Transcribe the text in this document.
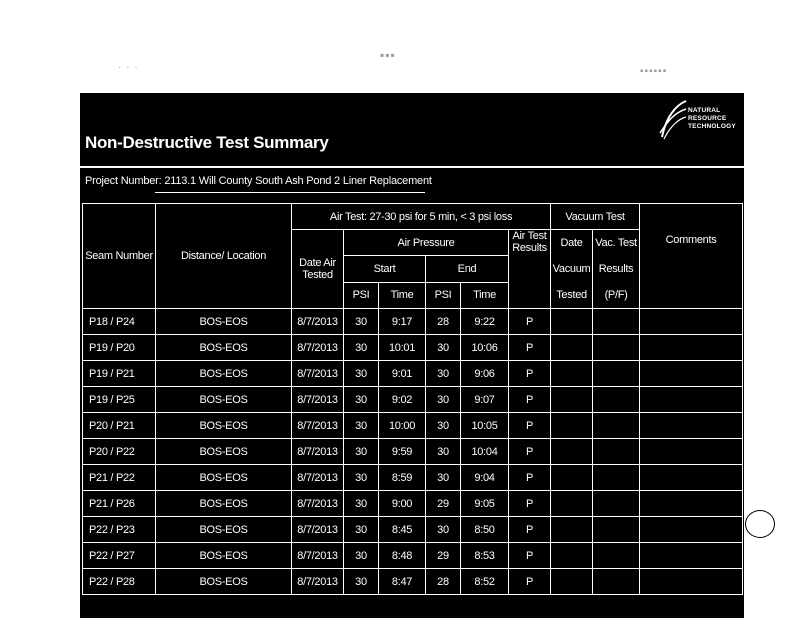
· · ·
▪▪▪
▪▪▪▪▪▪
NATURAL
RESOURCE
TECHNOLOGY
Non-Destructive Test Summary
Project Number: 2113.1 Will County South Ash Pond 2 Liner Replacement
Seam Number	Distance/ Location	Air Test: 27-30 psi for 5 min, < 3 psi loss						Vacuum Test		Comments
		Date Air Tested	Air Pressure				Air Test Results	Date Vacuum Tested	Vac. Test Results (P/F)	
			Start		End					
			PSI	Time	PSI	Time				
P18 / P24	BOS-EOS	8/7/2013	30	9:17	28	9:22	P			
P19 / P20	BOS-EOS	8/7/2013	30	10:01	30	10:06	P			
P19 / P21	BOS-EOS	8/7/2013	30	9:01	30	9:06	P			
P19 / P25	BOS-EOS	8/7/2013	30	9:02	30	9:07	P			
P20 / P21	BOS-EOS	8/7/2013	30	10:00	30	10:05	P			
P20 / P22	BOS-EOS	8/7/2013	30	9:59	30	10:04	P			
P21 / P22	BOS-EOS	8/7/2013	30	8:59	30	9:04	P			
P21 / P26	BOS-EOS	8/7/2013	30	9:00	29	9:05	P			
P22 / P23	BOS-EOS	8/7/2013	30	8:45	30	8:50	P			
P22 / P27	BOS-EOS	8/7/2013	30	8:48	29	8:53	P			
P22 / P28	BOS-EOS	8/7/2013	30	8:47	28	8:52	P			
